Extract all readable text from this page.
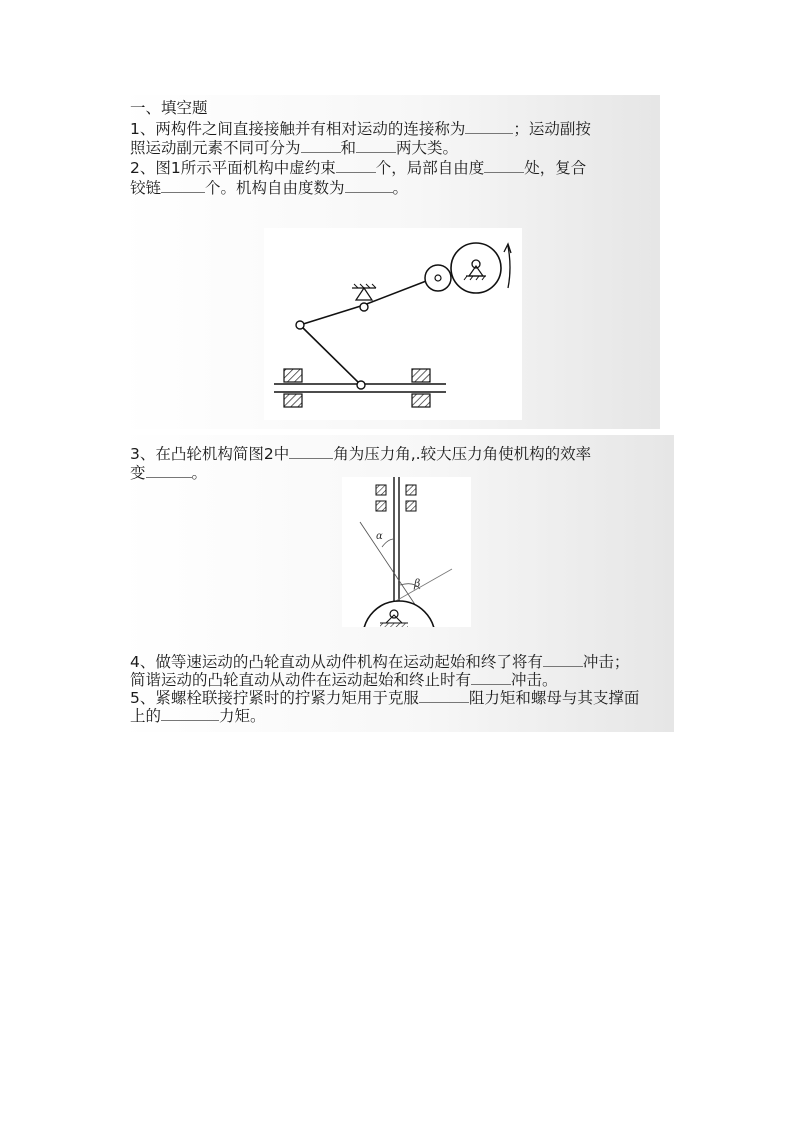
一、填空题
1、两构件之间直接接触并有相对运动的连接称为	；运动副按
照运动副元素不同可分为	和	两大类。
2、图1所示平面机构中虚约束	个，局部自由度	处，复合
铰链	个。机构自由度数为	。
3、在凸轮机构简图2中	角为压力角,.较大压力角使机构的效率
变	。
α
β
4、做等速运动的凸轮直动从动件机构在运动起始和终了将有	冲击；
简谐运动的凸轮直动从动件在运动起始和终止时有	冲击。
5、紧螺栓联接拧紧时的拧紧力矩用于克服	阻力矩和螺母与其支撑面
上的	力矩。
